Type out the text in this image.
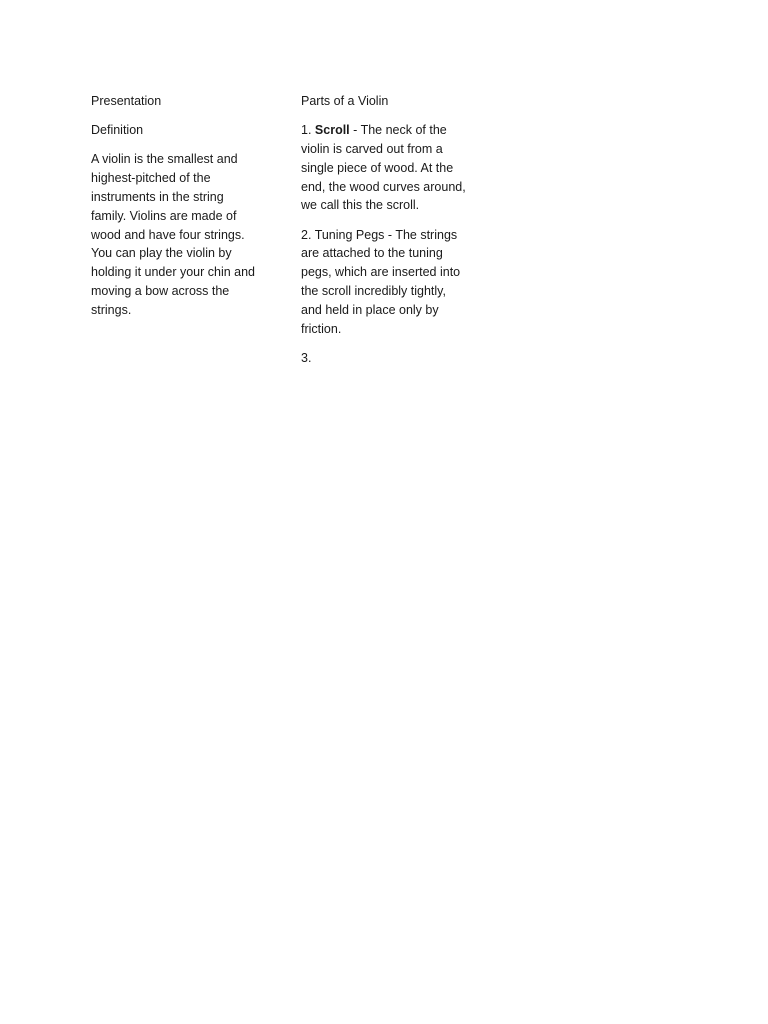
Presentation

Definition

A violin is the smallest and highest-pitched of the instruments in the string family. Violins are made of wood and have four strings. You can play the violin by holding it under your chin and moving a bow across the strings.

Parts of a Violin

1. Scroll - The neck of the violin is carved out from a single piece of wood. At the end, the wood curves around, we call this the scroll.

2. Tuning Pegs - The strings are attached to the tuning pegs, which are inserted into the scroll incredibly tightly, and held in place only by friction.

3.
